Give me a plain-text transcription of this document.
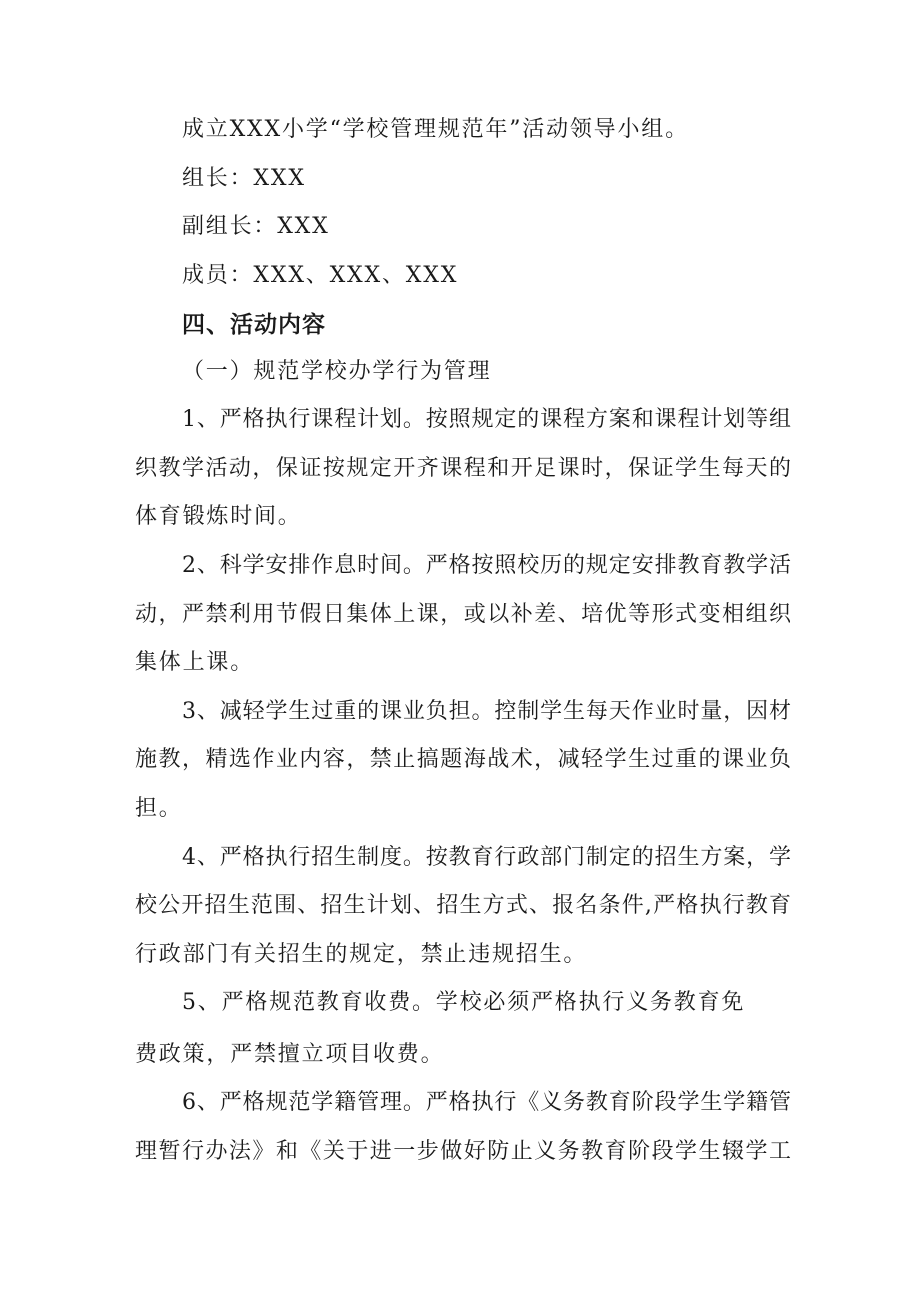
成立XXX小学“学校管理规范年”活动领导小组。
组长：XXX
副组长：XXX
成员：XXX、XXX、XXX
四、活动内容
（一）规范学校办学行为管理
1、严格执行课程计划。按照规定的课程方案和课程计划等组
织教学活动，保证按规定开齐课程和开足课时，保证学生每天的
体育锻炼时间。
2、科学安排作息时间。严格按照校历的规定安排教育教学活
动，严禁利用节假日集体上课，或以补差、培优等形式变相组织
集体上课。
3、减轻学生过重的课业负担。控制学生每天作业时量，因材
施教，精选作业内容，禁止搞题海战术，减轻学生过重的课业负
担。
4、严格执行招生制度。按教育行政部门制定的招生方案，学
校公开招生范围、招生计划、招生方式、报名条件,严格执行教育
行政部门有关招生的规定，禁止违规招生。
5、严格规范教育收费。学校必须严格执行义务教育免
费政策，严禁擅立项目收费。
6、严格规范学籍管理。严格执行《义务教育阶段学生学籍管
理暂行办法》和《关于进一步做好防止义务教育阶段学生辍学工
